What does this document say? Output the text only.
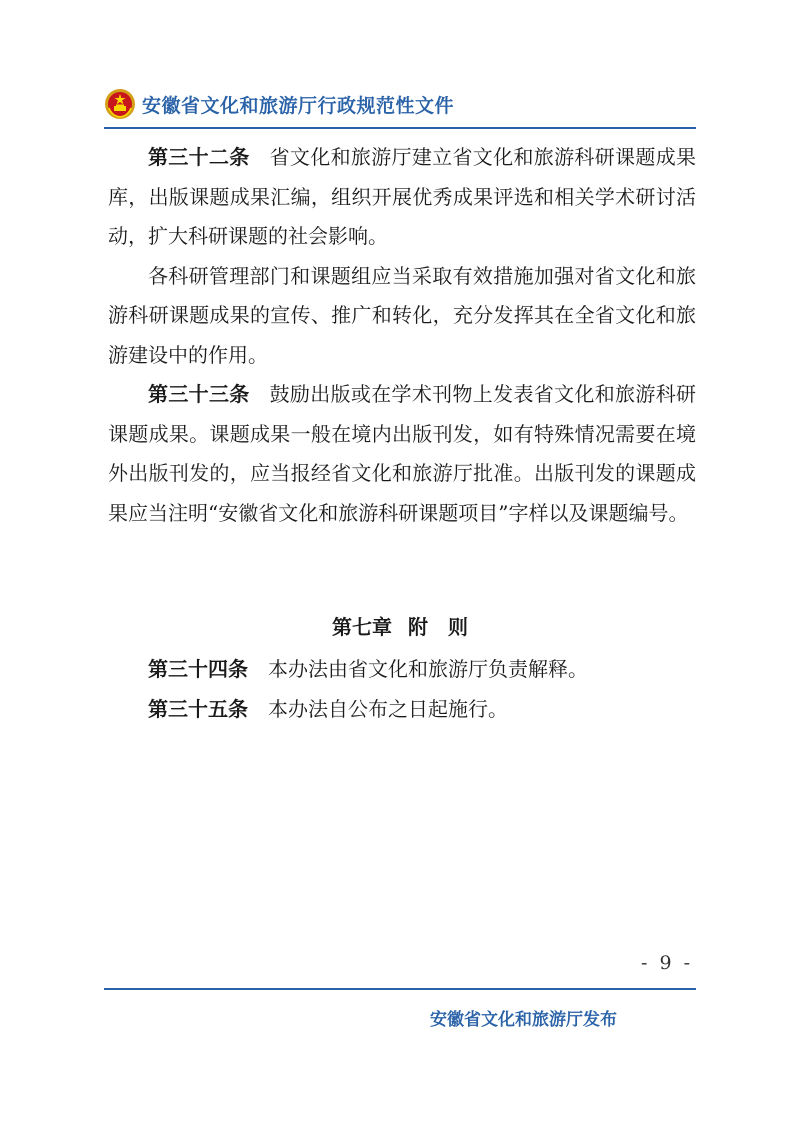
安徽省文化和旅游厅行政规范性文件

第三十二条 省文化和旅游厅建立省文化和旅游科研课题成果库，出版课题成果汇编，组织开展优秀成果评选和相关学术研讨活动，扩大科研课题的社会影响。

各科研管理部门和课题组应当采取有效措施加强对省文化和旅游科研课题成果的宣传、推广和转化，充分发挥其在全省文化和旅游建设中的作用。

第三十三条 鼓励出版或在学术刊物上发表省文化和旅游科研课题成果。课题成果一般在境内出版刊发，如有特殊情况需要在境外出版刊发的，应当报经省文化和旅游厅批准。出版刊发的课题成果应当注明“安徽省文化和旅游科研课题项目”字样以及课题编号。

第七章 附　则

第三十四条 本办法由省文化和旅游厅负责解释。

第三十五条 本办法自公布之日起施行。

- 9 -
安徽省文化和旅游厅发布
